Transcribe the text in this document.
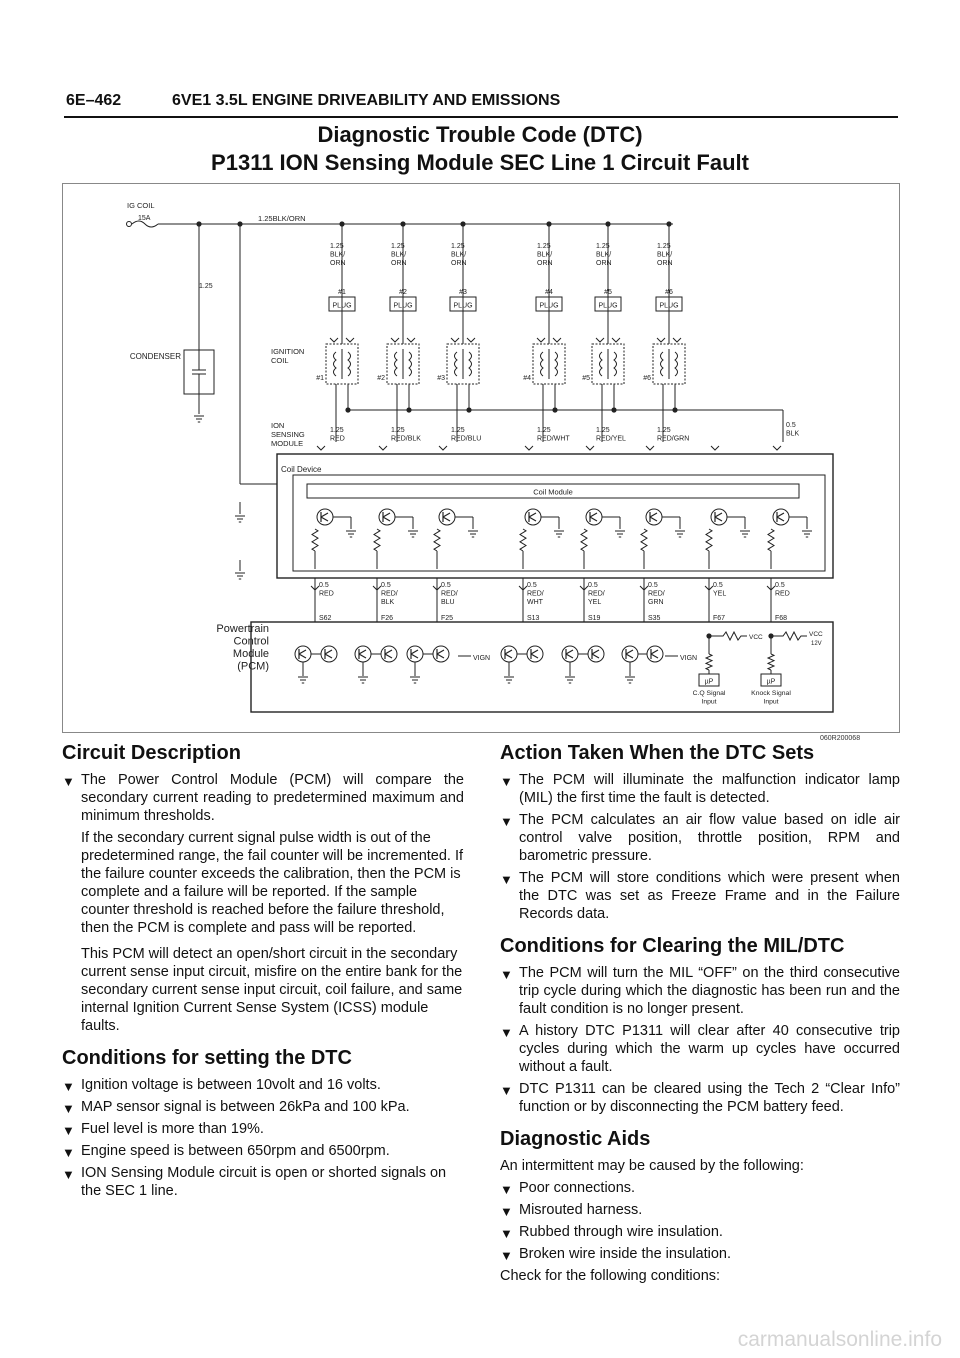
6E–462	6VE1 3.5L ENGINE DRIVEABILITY AND EMISSIONS
Diagnostic Trouble Code (DTC)
P1311 ION Sensing Module SEC Line 1 Circuit Fault
IG COIL
15A	1.25BLK/ORN
1.25
CONDENSER
1.25
BLK/
ORN
#1
PLUG
#1
1.25
RED
1.25
BLK/
ORN
#2
PLUG
#2
1.25
RED/BLK
1.25
BLK/
ORN
#3
PLUG
#3
1.25
RED/BLU
1.25
BLK/
ORN
#4
PLUG
#4
1.25
RED/WHT
1.25
BLK/
ORN
#5
PLUG
#5
1.25
RED/YEL
1.25
BLK/
ORN
#6
PLUG
#6
1.25
RED/GRN
IGNITION
COIL
ION
SENSING
MODULE
0.5
BLK
Coil Device
Coil Module
0.5
RED
S62
0.5
RED/
BLK
F26
0.5
RED/
BLU
F25
0.5
RED/
WHT
S13
0.5
RED/
YEL
S19
0.5
RED/
GRN
S35
0.5
YEL
F67
0.5
RED
F68
Powertrain
Control
Module
(PCM)
VIGN	VIGN
µP
C.Q Signal
Input
µP
Knock Signal
Input
VCC	VCC
12V
060R200068
Circuit Description
▼ The Power Control Module (PCM) will compare the secondary current reading to predetermined maximum and minimum thresholds.

If the secondary current signal pulse width is out of the predetermined range, the fail counter will be incremented. If the failure counter exceeds the calibration, then the PCM is complete and a failure will be reported. If the sample counter threshold is reached before the failure threshold, then the PCM is complete and pass will be reported.

This PCM will detect an open/short circuit in the secondary current sense input circuit, misfire on the entire bank for the secondary current sense input circuit, coil failure, and same internal Ignition Current Sense System (ICSS) module faults.

Conditions for setting the DTC
▼ Ignition voltage is between 10volt and 16 volts.
▼ MAP sensor signal is between 26kPa and 100 kPa.
▼ Fuel level is more than 19%.
▼ Engine speed is between 650rpm and 6500rpm.
▼ ION Sensing Module circuit is open or shorted signals on the SEC 1 line.
Action Taken When the DTC Sets
▼ The PCM will illuminate the malfunction indicator lamp (MIL) the first time the fault is detected.
▼ The PCM calculates an air flow value based on idle air control valve position, throttle position, RPM and barometric pressure.
▼ The PCM will store conditions which were present when the DTC was set as Freeze Frame and in the Failure Records data.
Conditions for Clearing the MIL/DTC
▼ The PCM will turn the MIL “OFF” on the third consecutive trip cycle during which the diagnostic has been run and the fault condition is no longer present.
▼ A history DTC P1311 will clear after 40 consecutive trip cycles during which the warm up cycles have occurred without a fault.
▼ DTC P1311 can be cleared using the Tech 2 “Clear Info” function or by disconnecting the PCM battery feed.
Diagnostic Aids

An intermittent may be caused by the following:

▼ Poor connections.
▼ Misrouted harness.
▼ Rubbed through wire insulation.
▼ Broken wire inside the insulation.

Check for the following conditions:

carmanualsonline.info
